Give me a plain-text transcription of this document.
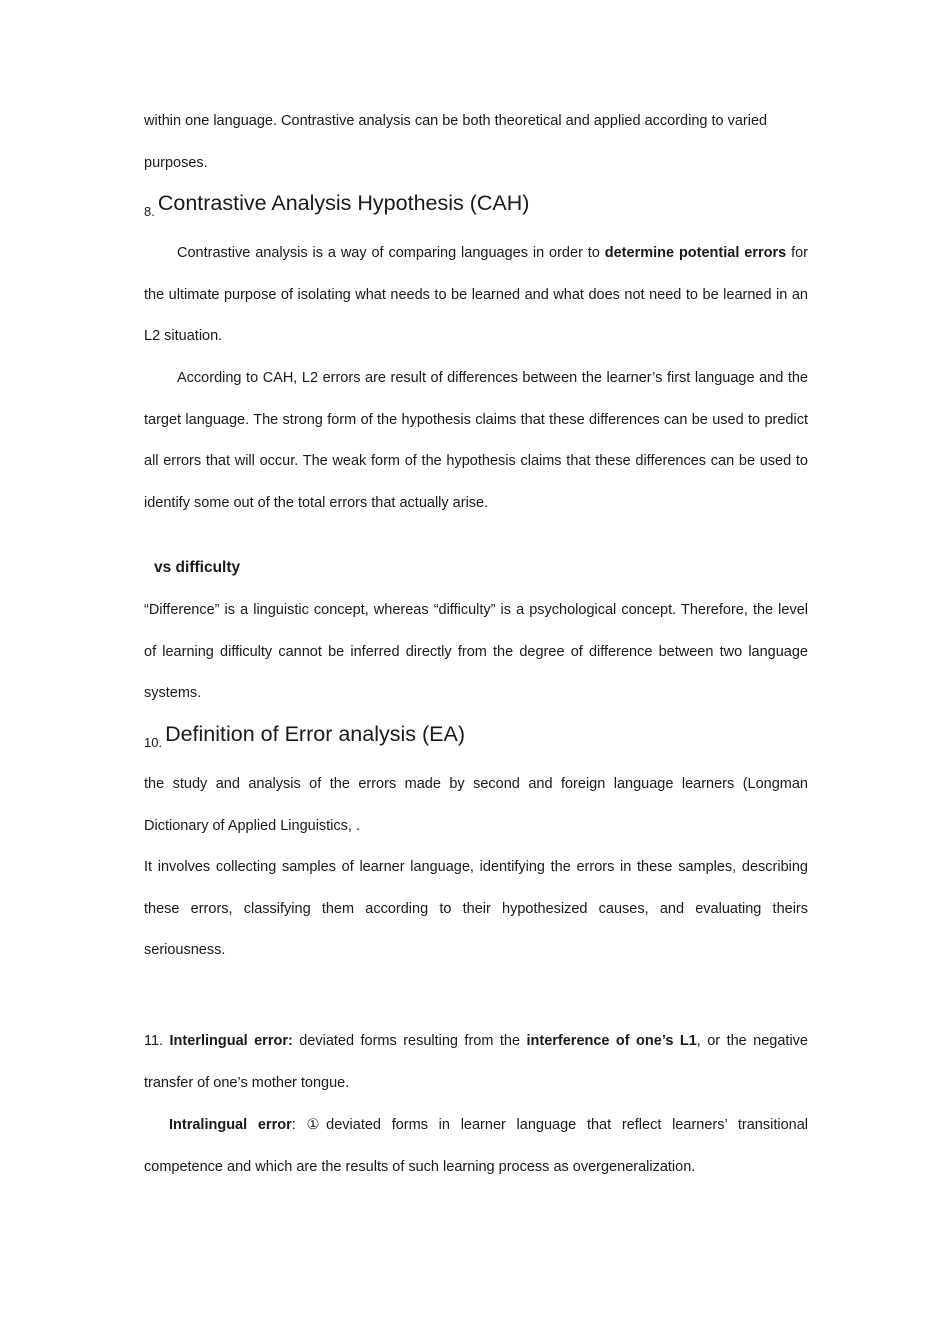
within one language. Contrastive analysis can be both theoretical and applied according to varied
purposes.
$_{8.}$ Contrastive Analysis Hypothesis (CAH)

Contrastive analysis is a way of comparing languages in order to determine potential errors for the ultimate purpose of isolating what needs to be learned and what does not need to be learned in an L2 situation.

According to CAH, L2 errors are result of differences between the learner’s first language and the target language. The strong form of the hypothesis claims that these differences can be used to predict all errors that will occur. The weak form of the hypothesis claims that these differences can be used to identify some out of the total errors that actually arise.

vs difficulty

“Difference” is a linguistic concept, whereas “difficulty” is a psychological concept. Therefore, the level of learning difficulty cannot be inferred directly from the degree of difference between two language systems.

$_{10.}$ Definition of Error analysis (EA)

the study and analysis of the errors made by second and foreign language learners (Longman Dictionary of Applied Linguistics, .

It involves collecting samples of learner language, identifying the errors in these samples, describing these errors, classifying them according to their hypothesized causes, and evaluating theirs seriousness.

11. Interlingual error: deviated forms resulting from the interference of one’s L1, or the negative transfer of one’s mother tongue.

Intralingual error: ①deviated forms in learner language that reflect learners’ transitional competence and which are the results of such learning process as overgeneralization.
